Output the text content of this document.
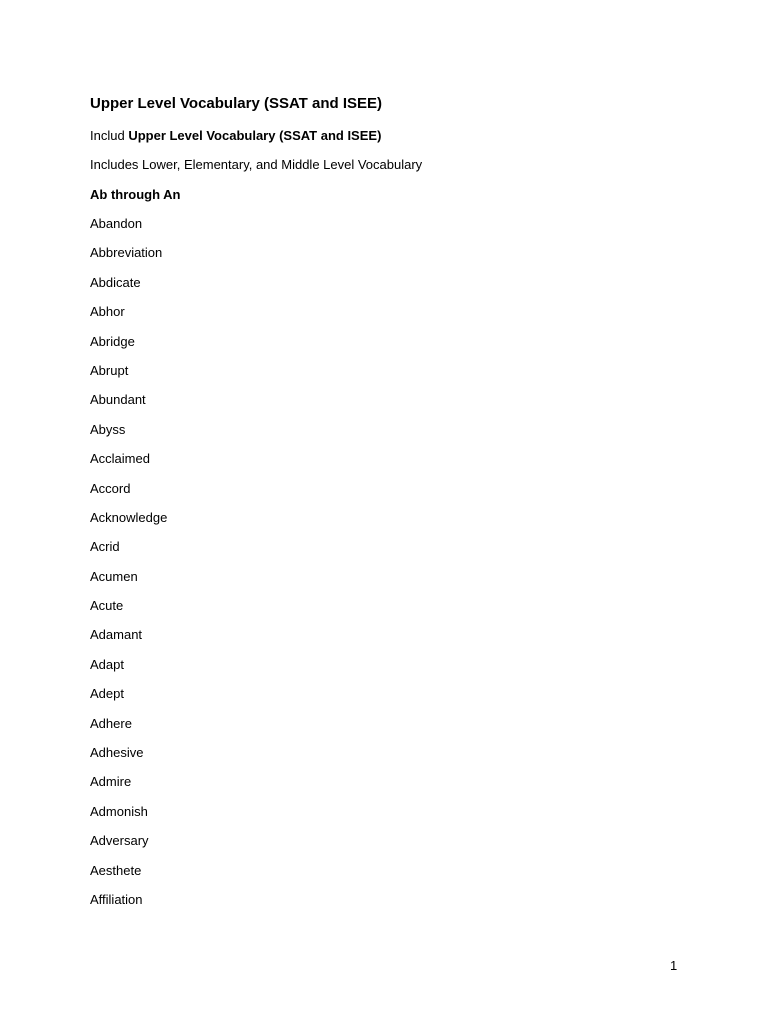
Upper Level Vocabulary (SSAT and ISEE)
Includ Upper Level Vocabulary (SSAT and ISEE)
Includes Lower, Elementary, and Middle Level Vocabulary
Ab through An
Abandon
Abbreviation
Abdicate
Abhor
Abridge
Abrupt
Abundant
Abyss
Acclaimed
Accord
Acknowledge
Acrid
Acumen
Acute
Adamant
Adapt
Adept
Adhere
Adhesive
Admire
Admonish
Adversary
Aesthete
Affiliation
1
